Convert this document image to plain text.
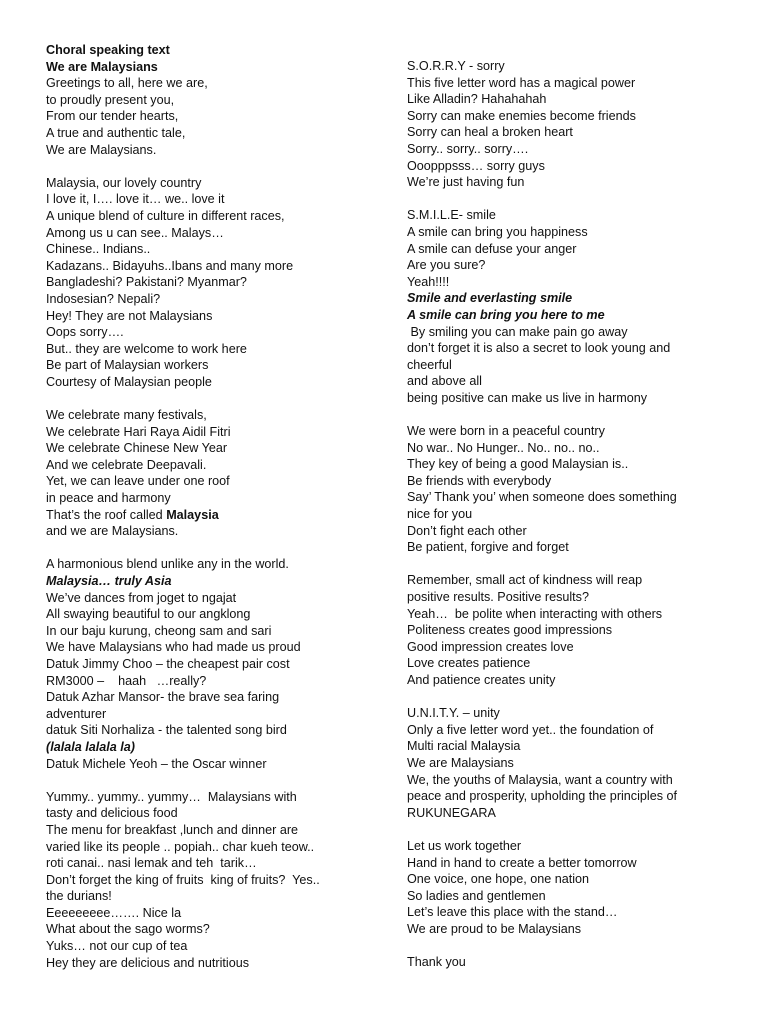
Choral speaking text
We are Malaysians
Greetings to all, here we are,
to proudly present you,
From our tender hearts,
A true and authentic tale,
We are Malaysians.
Malaysia, our lovely country
I love it, I…. love it… we.. love it
A unique blend of culture in different races,
Among us u can see.. Malays…
Chinese.. Indians..
Kadazans.. Bidayuhs..Ibans and many more
Bangladeshi? Pakistani? Myanmar?
Indosesian? Nepali?
Hey! They are not Malaysians
Oops sorry….
But.. they are welcome to work here
Be part of Malaysian workers
Courtesy of Malaysian people
We celebrate many festivals,
We celebrate Hari Raya Aidil Fitri
We celebrate Chinese New Year
And we celebrate Deepavali.
Yet, we can leave under one roof
in peace and harmony
That’s the roof called Malaysia
and we are Malaysians.
A harmonious blend unlike any in the world.
Malaysia… truly Asia
We’ve dances from joget to ngajat
All swaying beautiful to our angklong
In our baju kurung, cheong sam and sari
We have Malaysians who had made us proud
Datuk Jimmy Choo – the cheapest pair cost
RM3000 –    haah   …really?
Datuk Azhar Mansor- the brave sea faring
adventurer
datuk Siti Norhaliza - the talented song bird
(lalala lalala la)
Datuk Michele Yeoh – the Oscar winner
Yummy.. yummy.. yummy…  Malaysians with
tasty and delicious food
The menu for breakfast ,lunch and dinner are
varied like its people .. popiah.. char kueh teow..
roti canai.. nasi lemak and teh  tarik…
Don’t forget the king of fruits  king of fruits?  Yes..
the durians!
Eeeeeeeee……. Nice la
What about the sago worms?
Yuks… not our cup of tea
Hey they are delicious and nutritious
S.O.R.R.Y - sorry
This five letter word has a magical power
Like Alladin? Hahahahah
Sorry can make enemies become friends
Sorry can heal a broken heart
Sorry.. sorry.. sorry….
Ooopppsss… sorry guys
We’re just having fun
S.M.I.L.E- smile
A smile can bring you happiness
A smile can defuse your anger
Are you sure?
Yeah!!!!
Smile and everlasting smile
A smile can bring you here to me
By smiling you can make pain go away
don’t forget it is also a secret to look young and
cheerful
and above all
being positive can make us live in harmony
We were born in a peaceful country
No war.. No Hunger.. No.. no.. no..
They key of being a good Malaysian is..
Be friends with everybody
Say’ Thank you’ when someone does something
nice for you
Don’t fight each other
Be patient, forgive and forget
Remember, small act of kindness will reap
positive results. Positive results?
Yeah…  be polite when interacting with others
Politeness creates good impressions
Good impression creates love
Love creates patience
And patience creates unity
U.N.I.T.Y. – unity
Only a five letter word yet.. the foundation of
Multi racial Malaysia
We are Malaysians
We, the youths of Malaysia, want a country with
peace and prosperity, upholding the principles of
RUKUNEGARA
Let us work together
Hand in hand to create a better tomorrow
One voice, one hope, one nation
So ladies and gentlemen
Let’s leave this place with the stand…
We are proud to be Malaysians
Thank you
